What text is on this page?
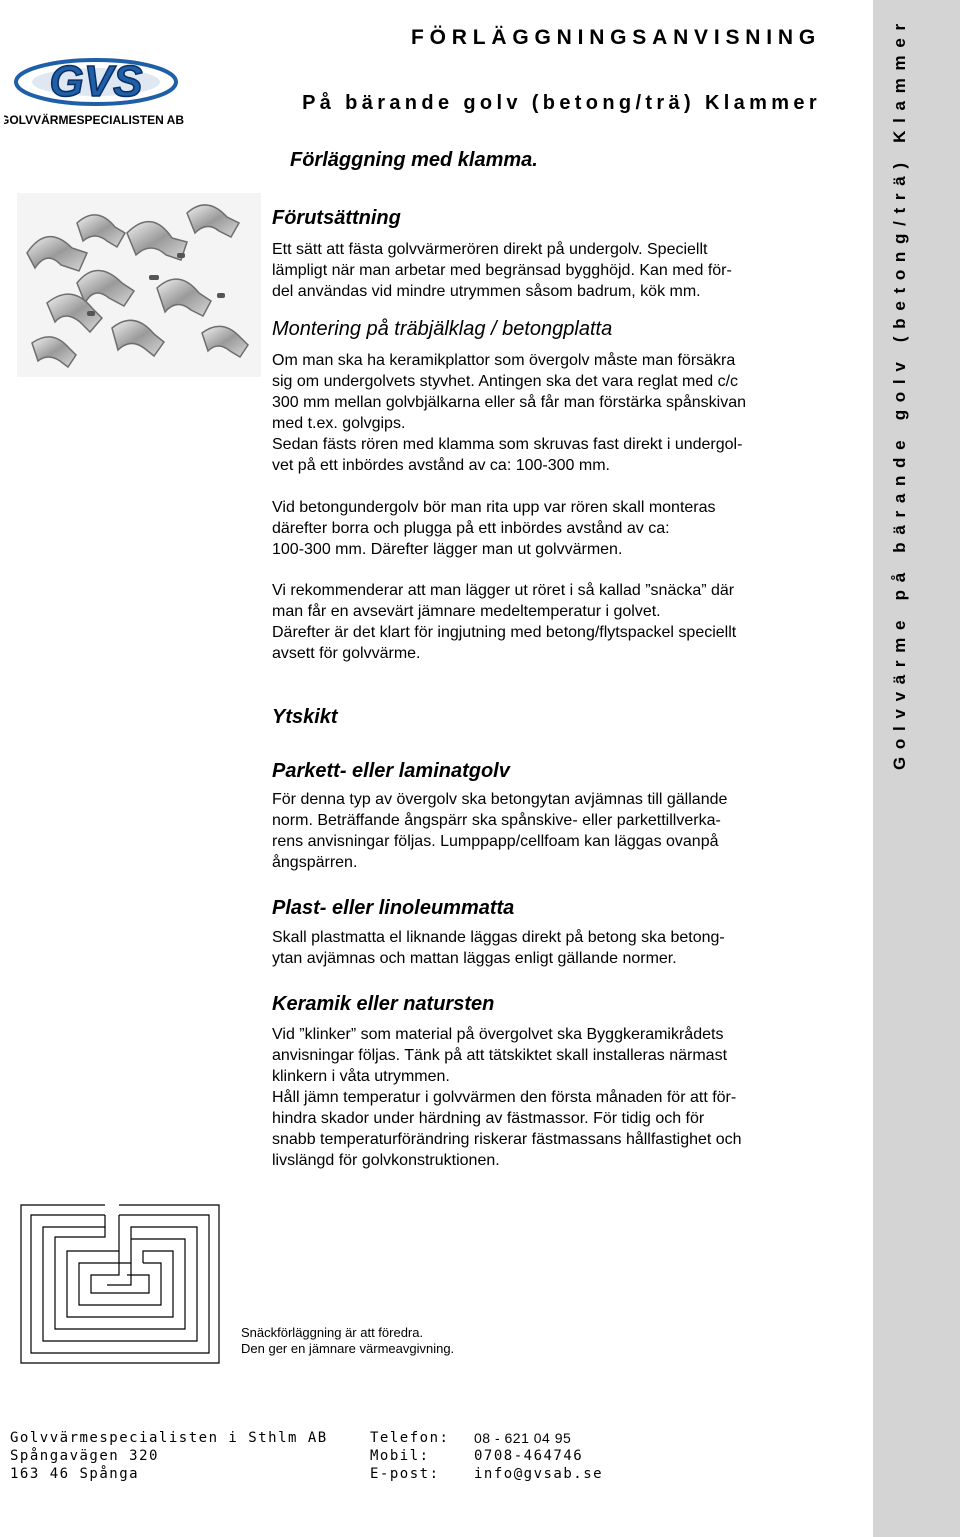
Golvvärme på bärande golv (betong/trä) Klammer
GVS
GOLVVÄRMESPECIALISTEN AB
FÖRLÄGGNINGSANVISNING
På bärande golv (betong/trä) Klammer
Förläggning med klamma.
Förutsättning
Ett sätt att fästa golvvärmerören direkt på undergolv. Speciellt
lämpligt när man arbetar med begränsad bygghöjd. Kan med för-
del användas vid mindre utrymmen såsom badrum, kök mm.
Montering på träbjälklag / betongplatta
Om man ska ha keramikplattor som övergolv måste man försäkra
sig om undergolvets styvhet. Antingen ska det vara reglat med c/c
300 mm mellan golvbjälkarna eller så får man förstärka spånskivan
med t.ex. golvgips.
Sedan fästs rören med klamma som skruvas fast direkt i undergol-
vet på ett inbördes avstånd av ca: 100-300 mm.
Vid betongundergolv bör man rita upp var rören skall monteras
därefter borra och plugga på ett inbördes avstånd av ca:
100-300 mm. Därefter lägger man ut golvvärmen.
Vi rekommenderar att man lägger ut röret i så kallad ”snäcka” där
man får en avsevärt jämnare medeltemperatur i golvet.
Därefter är det klart för ingjutning med betong/flytspackel speciellt
avsett för golvvärme.
Ytskikt
Parkett- eller laminatgolv
För denna typ av övergolv ska betongytan avjämnas till gällande
norm. Beträffande ångspärr ska spånskive- eller parkettillverka-
rens anvisningar följas. Lumppapp/cellfoam kan läggas ovanpå
ångspärren.
Plast- eller linoleummatta
Skall plastmatta el liknande läggas direkt på betong ska betong-
ytan avjämnas och mattan läggas enligt gällande normer.
Keramik eller natursten
Vid ”klinker” som material på övergolvet ska Byggkeramikrådets
anvisningar följas. Tänk på att tätskiktet skall installeras närmast
klinkern i våta utrymmen.
Håll jämn temperatur i golvvärmen den första månaden för att för-
hindra skador under härdning av fästmassor. För tidig och för
snabb temperaturförändring riskerar fästmassans hållfastighet och
livslängd för golvkonstruktionen.
Snäckförläggning är att föredra.
Den ger en jämnare värmeavgivning.
Golvvärmespecialisten i Sthlm AB
Spångavägen 320
163 46 Spånga
Telefon:
Mobil:
E-post:
08 - 621 04 95
0708-464746
info@gvsab.se
